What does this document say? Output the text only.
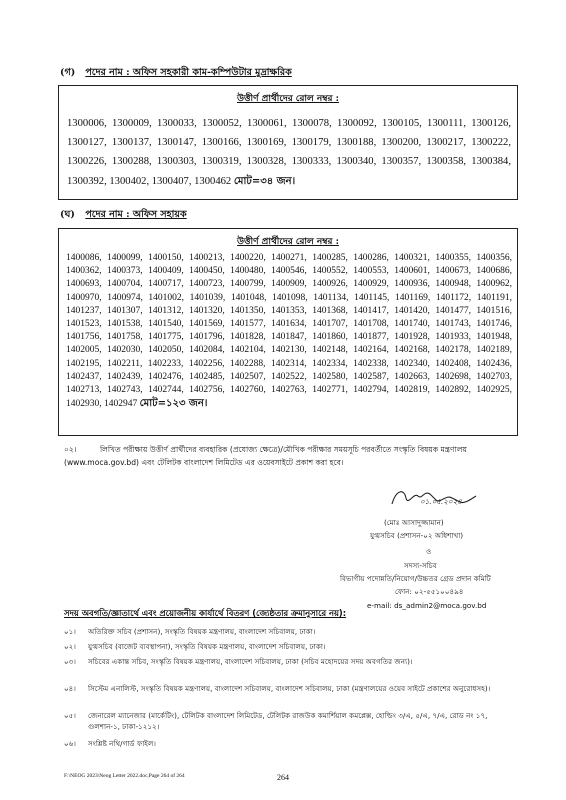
(গ) পদের নাম : অফিস সহকারী কাম-কম্পিউটার মুদ্রাক্ষরিক
উত্তীর্ণ প্রার্থীদের রোল নম্বর :
1300006, 1300009, 1300033, 1300052, 1300061, 1300078, 1300092, 1300105, 1300111, 1300126, 1300127, 1300137, 1300147, 1300166, 1300169, 1300179, 1300188, 1300200, 1300217, 1300222, 1300226, 1300288, 1300303, 1300319, 1300328, 1300333, 1300340, 1300357, 1300358, 1300384, 1300392, 1300402, 1300407, 1300462 মোট=৩৪ জন।
(ঘ) পদের নাম : অফিস সহায়ক
উত্তীর্ণ প্রার্থীদের রোল নম্বর :
1400086, 1400099, 1400150, 1400213, 1400220, 1400271, 1400285, 1400286, 1400321, 1400355, 1400356, 1400362, 1400373, 1400409, 1400450, 1400480, 1400546, 1400552, 1400553, 1400601, 1400673, 1400686, 1400693, 1400704, 1400717, 1400723, 1400799, 1400909, 1400926, 1400929, 1400936, 1400948, 1400962, 1400970, 1400974, 1401002, 1401039, 1401048, 1401098, 1401134, 1401145, 1401169, 1401172, 1401191, 1401237, 1401307, 1401312, 1401320, 1401350, 1401353, 1401368, 1401417, 1401420, 1401477, 1401516, 1401523, 1401538, 1401540, 1401569, 1401577, 1401634, 1401707, 1401708, 1401740, 1401743, 1401746, 1401756, 1401758, 1401775, 1401796, 1401828, 1401847, 1401860, 1401877, 1401928, 1401933, 1401948, 1402005, 1402030, 1402050, 1402084, 1402104, 1402130, 1402148, 1402164, 1402168, 1402178, 1402189, 1402195, 1402211, 1402233, 1402256, 1402288, 1402314, 1402334, 1402338, 1402340, 1402408, 1402436, 1402437, 1402439, 1402476, 1402485, 1402507, 1402522, 1402580, 1402587, 1402663, 1402698, 1402703, 1402713, 1402743, 1402744, 1402756, 1402760, 1402763, 1402771, 1402794, 1402819, 1402892, 1402925, 1402930, 1402947 মোট=১২৩ জন।
০২।	লিখিত পরীক্ষায় উত্তীর্ণ প্রার্থীদের ব্যবহারিক (প্রযোজ্য ক্ষেত্রে)/মৌখিক পরীক্ষার সময়সূচি পরবর্তীতে সংস্কৃতি বিষয়ক মন্ত্রণালয় (www.moca.gov.bd) এবং টেলিটক বাংলাদেশ লিমিটেড এর ওয়েবসাইটে প্রকাশ করা হবে।
০১.০৫.২০২৪
(মোঃ আসাদুজ্জামান)
যুগ্মসচিব (প্রশাসন-০২ অধিশাখা)
ও
সদস্য-সচিব
বিভাগীয় পদোন্নতি/নিয়োগ/উচ্চতর গ্রেড প্রদান কমিটি
ফোন: ০২-৫৫১০০৪৯৪
e-mail: ds_admin2@moca.gov.bd
সদয় অবগতি/জ্ঞাতার্থে এবং প্রয়োজনীয় কার্যার্থে বিতরণ (জ্যেষ্ঠতার ক্রমানুসারে নয়):
০১। অতিরিক্ত সচিব (প্রশাসন), সংস্কৃতি বিষয়ক মন্ত্রণালয়, বাংলাদেশ সচিবালয়, ঢাকা।
০২। যুগ্মসচিব (বাজেট ব্যবস্থাপনা), সংস্কৃতি বিষয়ক মন্ত্রণালয়, বাংলাদেশ সচিবালয়, ঢাকা।
০৩। সচিবের একান্ত সচিব, সংস্কৃতি বিষয়ক মন্ত্রণালয়, বাংলাদেশ সচিবালয়, ঢাকা (সচিব মহোদয়ের সদয় অবগতির জন্য)।
০৪। সিস্টেম এনালিস্ট, সংস্কৃতি বিষয়ক মন্ত্রণালয়, বাংলাদেশ সচিবালয়, বাংলাদেশ সচিবালয়, ঢাকা (মন্ত্রণালয়ের ওয়েব সাইটে প্রকাশের অনুরোধসহ)।
০৫। জেনারেল ম্যানেজার (মার্কেটিং), টেলিটক বাংলাদেশ লিমিটেড, টেলিটক রাজউক কমার্শিয়াল কমপ্লেক্স, হোল্ডিং ৩/এ, ৫/এ, ৭/এ, রোড নং ১৭, গুলশান-১, ঢাকা-১২১২।
০৬। সংশ্লিষ্ট নথি/গার্ড ফাইল।
F:\NEOG 2023\Neog Letter 2022.doc,Page 264 of 264	264
